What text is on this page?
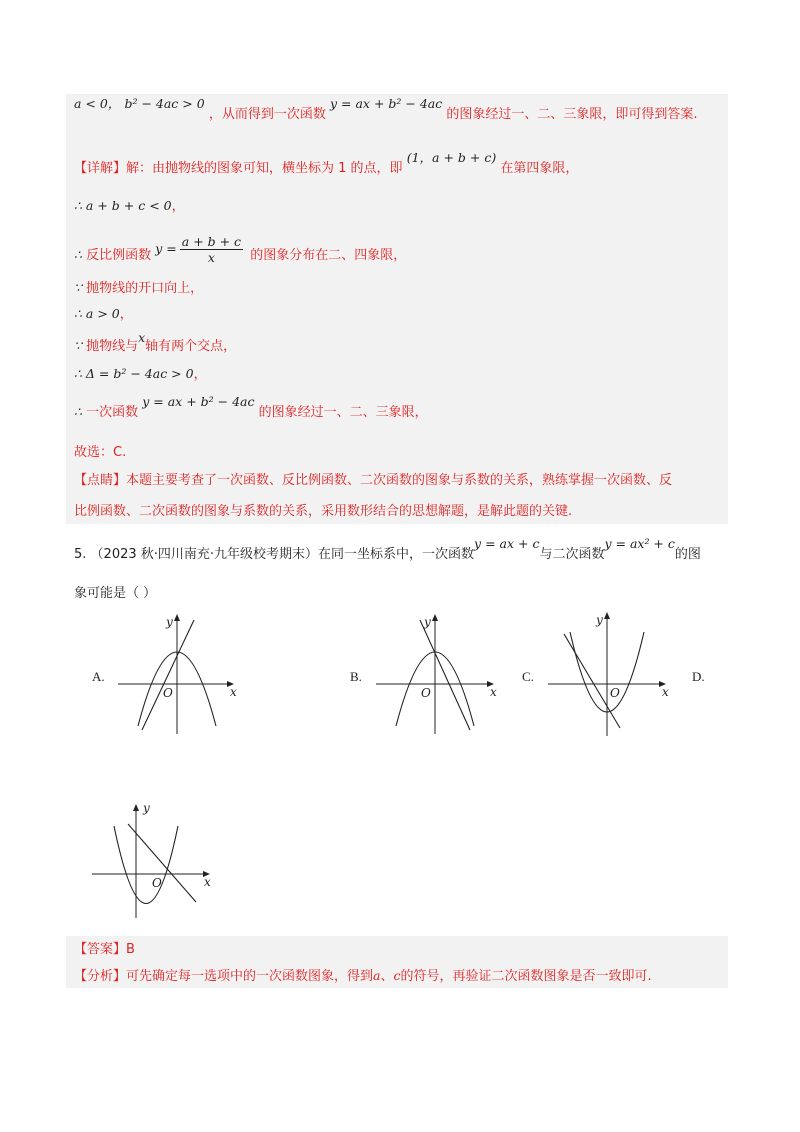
a < 0， b² − 4ac > 0 ，从而得到一次函数 y = ax + b² − 4ac 的图象经过一、二、三象限，即可得到答案.
【详解】解：由抛物线的图象可知，横坐标为 1 的点，即 (1，a + b + c) 在第四象限，
∴ a + b + c < 0，
∴ 反比例函数 $y = \frac{a + b + c}{x}$ 的图象分布在二、四象限，
∵ 抛物线的开口向上，
∴ a > 0，
∵ 抛物线与x轴有两个交点，
∴ Δ = b² − 4ac > 0，
∴ 一次函数 y = ax + b² − 4ac 的图象经过一、二、三象限，
故选：C.
【点睛】本题主要考查了一次函数、反比例函数、二次函数的图象与系数的关系，熟练掌握一次函数、反
比例函数、二次函数的图象与系数的关系，采用数形结合的思想解题，是解此题的关键.
5. （2023 秋·四川南充·九年级校考期末）在同一坐标系中，一次函数y = ax + c与二次函数y = ax² + c的图
象可能是（ ）
A.	B.	C.	D.
y
x
O
y
x
O
y
x
O
y
x
O
【答案】B
【分析】可先确定每一选项中的一次函数图象，得到a、c的符号，再验证二次函数图象是否一致即可.
